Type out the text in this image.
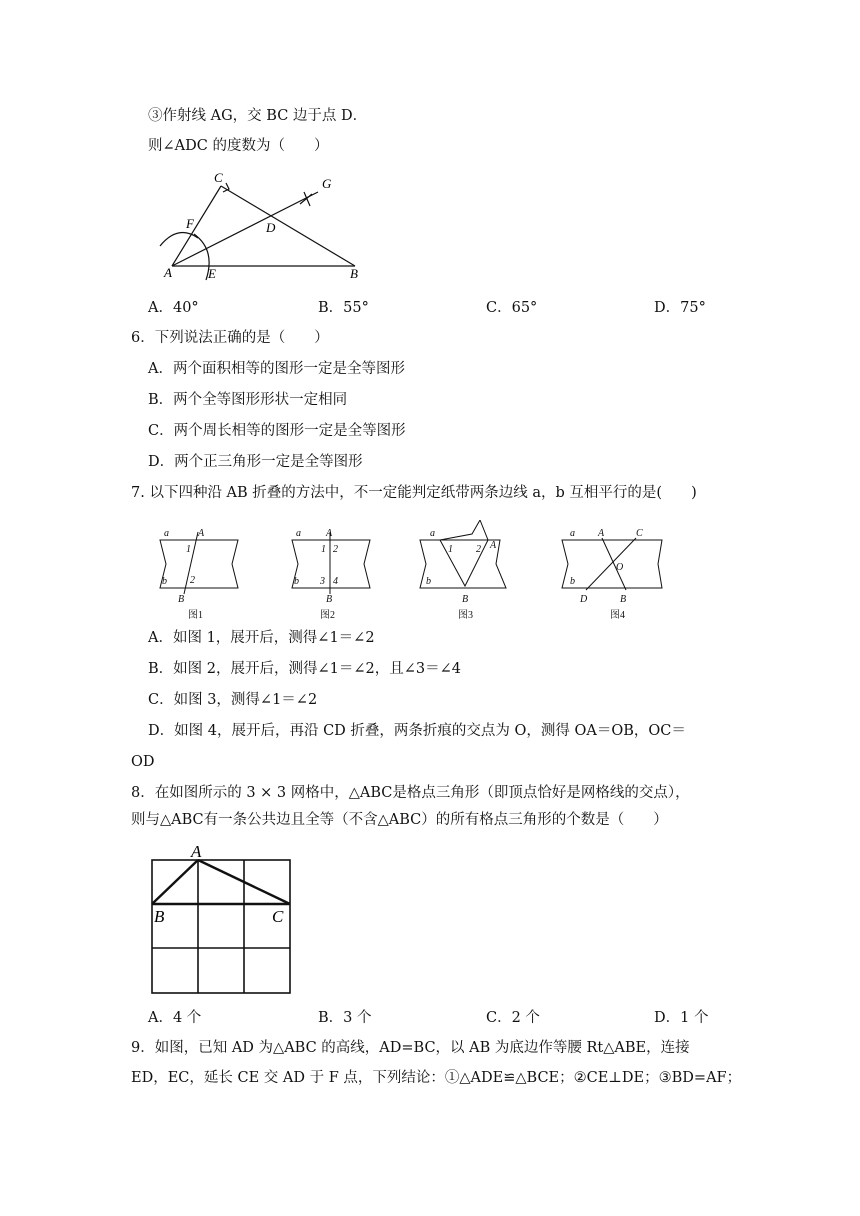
③作射线 AG，交 BC 边于点 D．
则∠ADC 的度数为（　　）
C	G
F	D
A	E	B
A．40°	B．55°	C．65°	D．75°
6．下列说法正确的是（　　）
A．两个面积相等的图形一定是全等图形
B．两个全等图形形状一定相同
C．两个周长相等的图形一定是全等图形
D．两个正三角形一定是全等图形
7. 以下四种沿 AB 折叠的方法中，不一定能判定纸带两条边线 a，b 互相平行的是(　　)
a	A
1
2
b
B
a	A
1 2
3 4
b
B
a
1 2 A
b
B
a A	C
O
b
D	B
图1	图2	图3	图4
A．如图 1，展开后，测得∠1＝∠2
B．如图 2，展开后，测得∠1＝∠2，且∠3＝∠4
C．如图 3，测得∠1＝∠2
D．如图 4，展开后，再沿 CD 折叠，两条折痕的交点为 O，测得 OA＝OB，OC＝
OD
8．在如图所示的 3 × 3 网格中，△ABC是格点三角形（即顶点恰好是网格线的交点），
则与△ABC有一条公共边且全等（不含△ABC）的所有格点三角形的个数是（　　）
A
B	C
A．4 个	B．3 个	C．2 个	D．1 个
9．如图，已知 AD 为△ABC 的高线，AD=BC，以 AB 为底边作等腰 Rt△ABE，连接
ED，EC，延长 CE 交 AD 于 F 点，下列结论：①△ADE≌△BCE；②CE⊥DE；③BD=AF；
